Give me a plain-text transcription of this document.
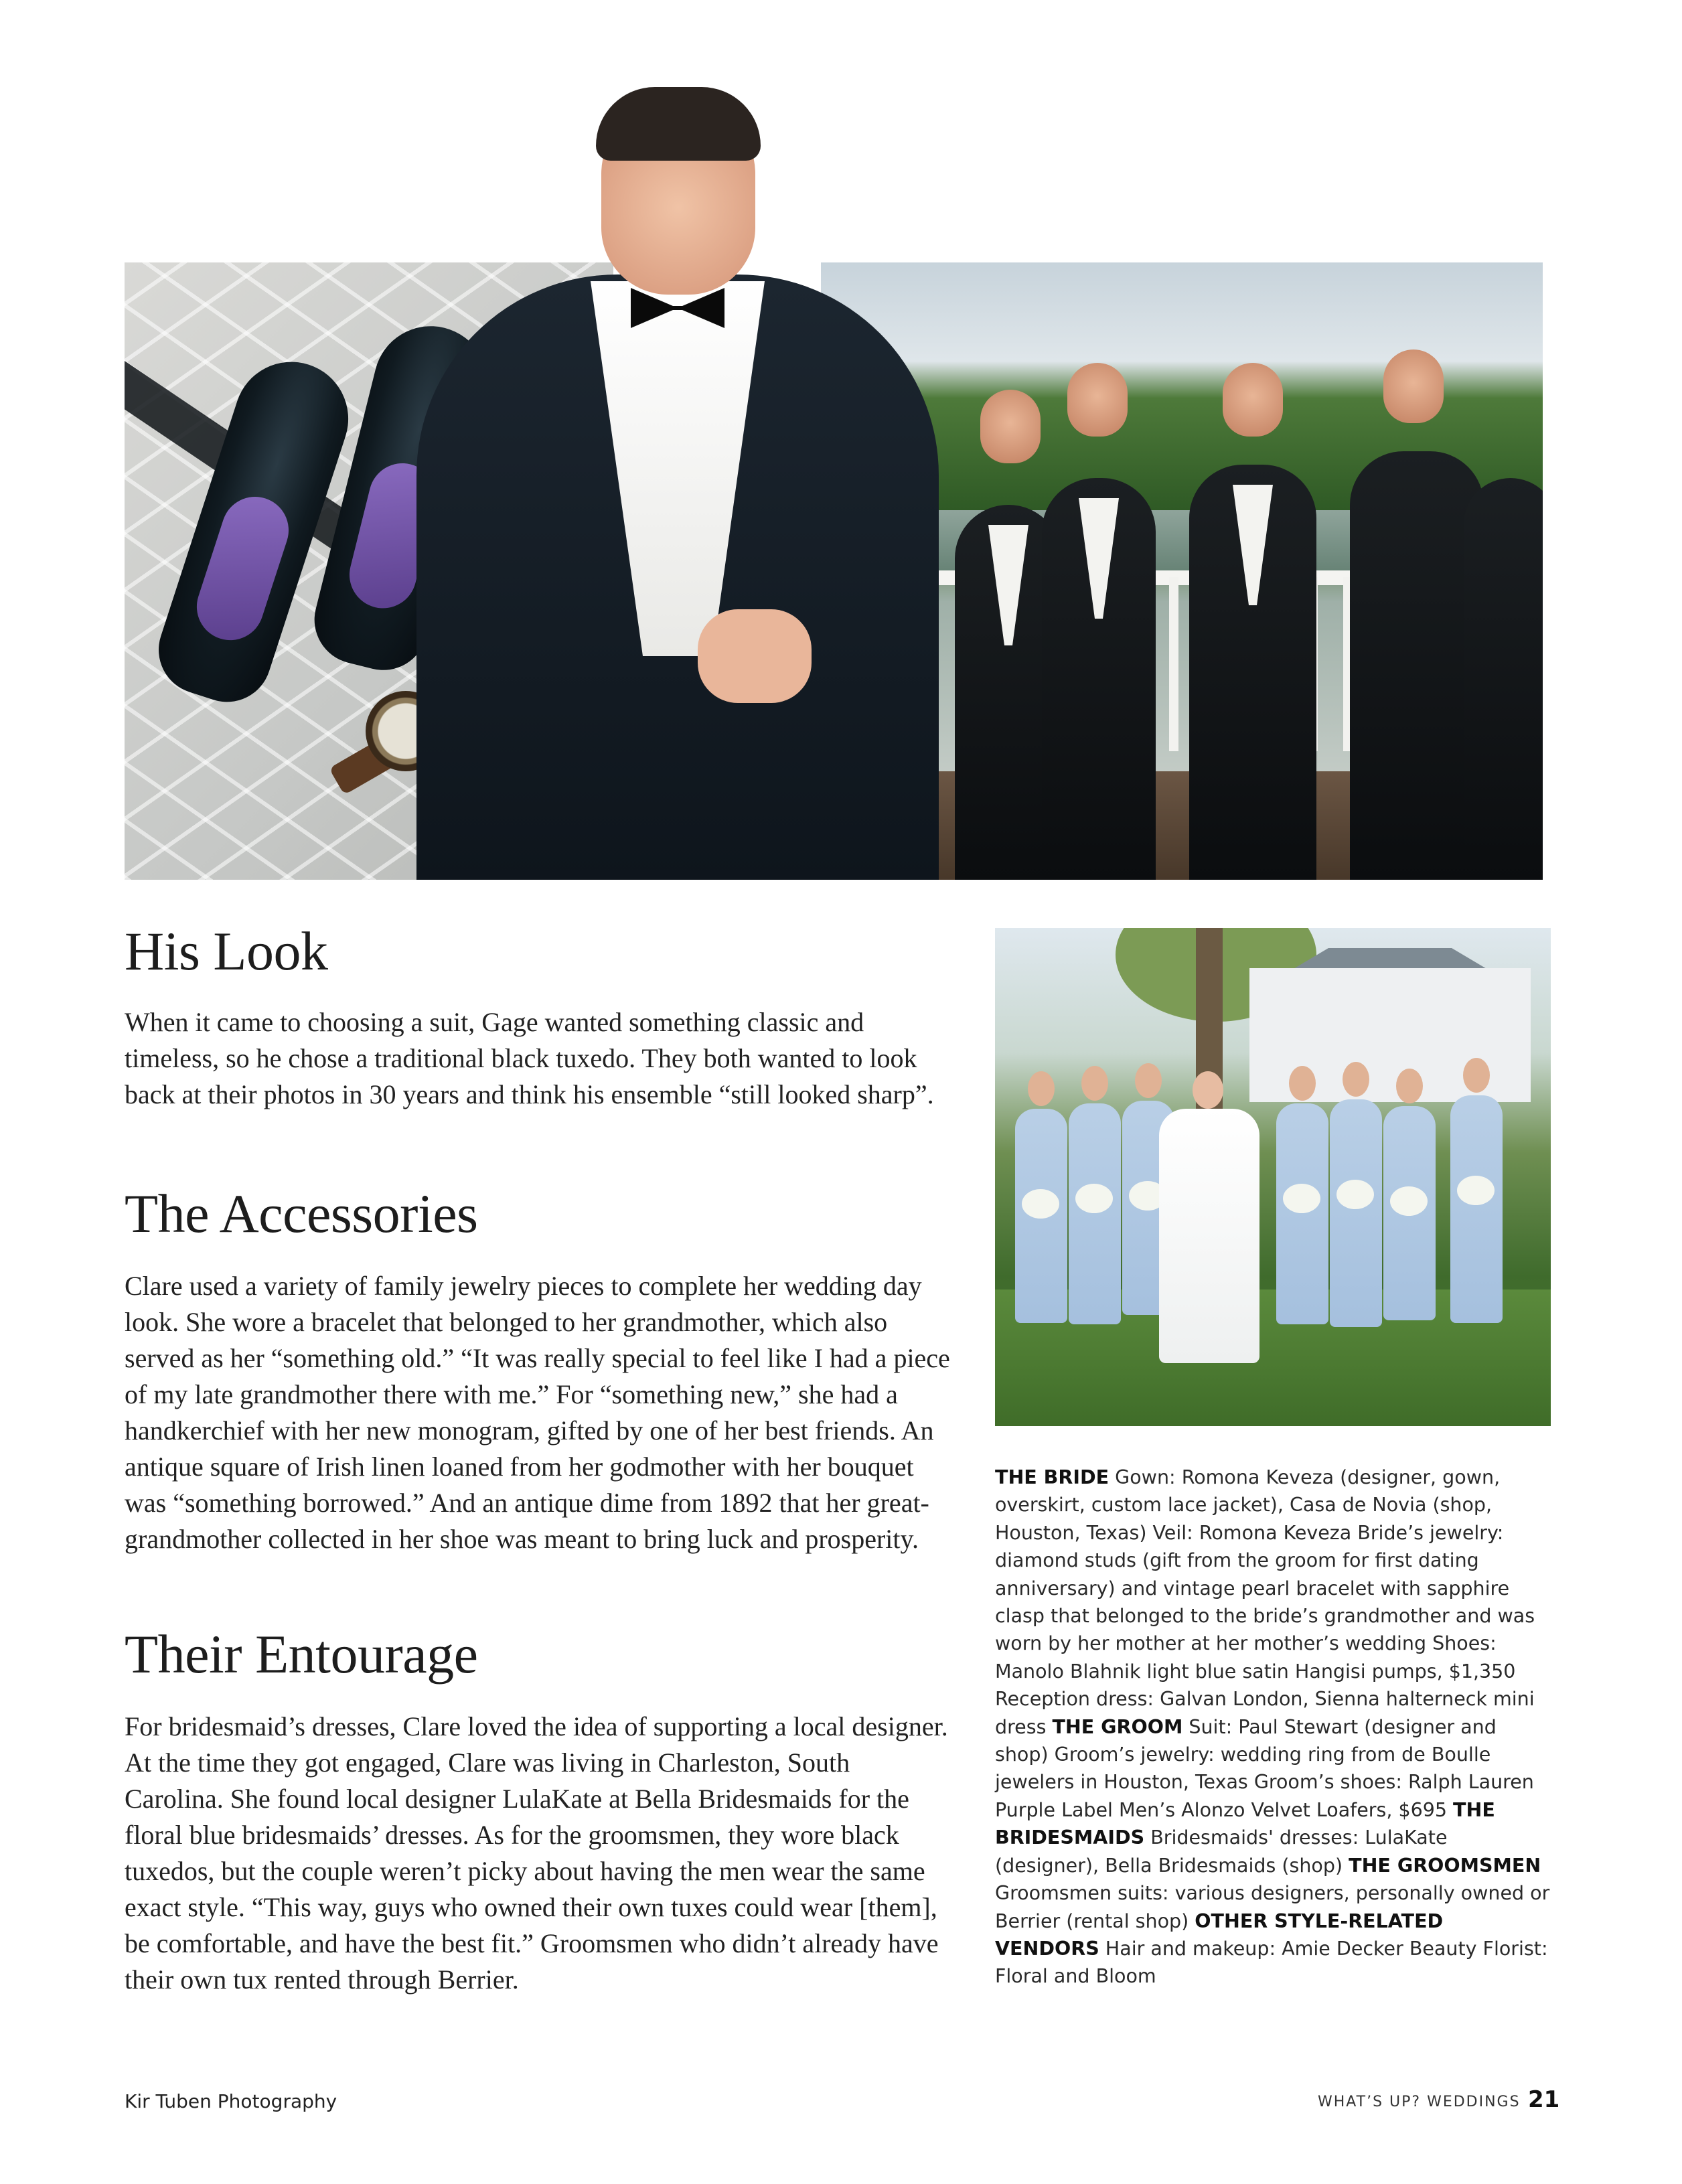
His Look

When it came to choosing a suit, Gage wanted something classic and timeless, so he chose a traditional black tuxedo. They both wanted to look back at their photos in 30 years and think his ensemble “still looked sharp”.

The Accessories

Clare used a variety of family jewelry pieces to complete her wedding day look. She wore a bracelet that belonged to her grandmother, which also served as her “something old.” “It was really special to feel like I had a piece of my late grandmother there with me.” For “something new,” she had a handkerchief with her new monogram, gifted by one of her best friends. An antique square of Irish linen loaned from her godmother with her bouquet was “something borrowed.” And an antique dime from 1892 that her great-grandmother collected in her shoe was meant to bring luck and prosperity.

Their Entourage

For bridesmaid’s dresses, Clare loved the idea of supporting a local designer. At the time they got engaged, Clare was living in Charleston, South Carolina. She found local designer LulaKate at Bella Bridesmaids for the floral blue bridesmaids’ dresses. As for the groomsmen, they wore black tuxedos, but the couple weren’t picky about having the men wear the same exact style. “This way, guys who owned their own tuxes could wear [them], be comfortable, and have the best fit.” Groomsmen who didn’t already have their own tux rented through Berrier.

THE BRIDE Gown: Romona Keveza (designer, gown, overskirt, custom lace jacket), Casa de Novia (shop, Houston, Texas) Veil: Romona Keveza Bride’s jewelry: diamond studs (gift from the groom for first dating anniversary) and vintage pearl bracelet with sapphire clasp that belonged to the bride’s grandmother and was worn by her mother at her mother’s wedding Shoes: Manolo Blahnik light blue satin Hangisi pumps, $1,350 Reception dress: Galvan London, Sienna halterneck mini dress THE GROOM Suit: Paul Stewart (designer and shop) Groom’s jewelry: wedding ring from de Boulle jewelers in Houston, Texas Groom’s shoes: Ralph Lauren Purple Label Men’s Alonzo Velvet Loafers, $695 THE BRIDESMAIDS Bridesmaids' dresses: LulaKate (designer), Bella Bridesmaids (shop) THE GROOMSMEN Groomsmen suits: various designers, personally owned or Berrier (rental shop) OTHER STYLE-RELATED VENDORS Hair and makeup: Amie Decker Beauty Florist: Floral and Bloom
Kir Tuben Photography	WHAT’S UP? WEDDINGS 21
